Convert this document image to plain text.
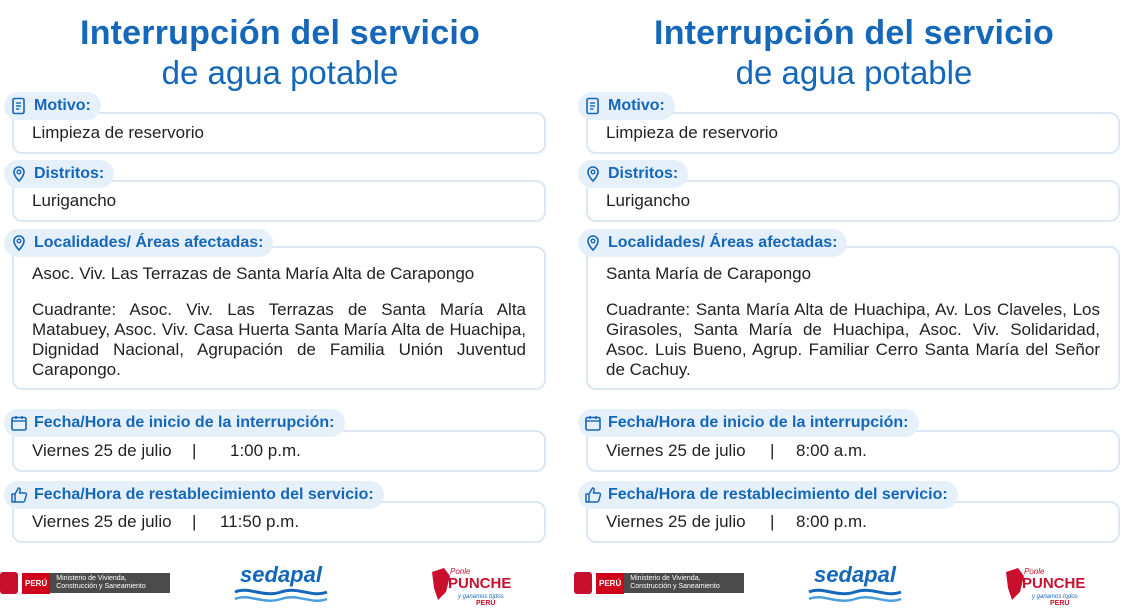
Interrupción del servicio
de agua potable
Motivo:
Limpieza de reservorio
Distritos:
Lurigancho
Localidades/ Áreas afectadas:

Asoc. Viv. Las Terrazas de Santa María Alta de Carapongo

Cuadrante: Asoc. Viv. Las Terrazas de Santa María Alta Matabuey, Asoc. Viv. Casa Huerta Santa María Alta de Huachipa, Dignidad Nacional, Agrupación de Familia Unión Juventud Carapongo.

Fecha/Hora de inicio de la interrupción:
Viernes 25 de julio	|	1:00 p.m.
Fecha/Hora de restablecimiento del servicio:
Viernes 25 de julio	|	11:50 p.m.
PERÚ	Ministerio de Vivienda, Construcción y Saneamiento	sedapal	Ponle
PUNCHE
y ganamos todos
PERÚ
Interrupción del servicio
de agua potable
Motivo:
Limpieza de reservorio
Distritos:
Lurigancho
Localidades/ Áreas afectadas:

Santa María de Carapongo

Cuadrante: Santa María Alta de Huachipa, Av. Los Claveles, Los Girasoles, Santa María de Huachipa, Asoc. Viv. Solidaridad, Asoc. Luis Bueno, Agrup. Familiar Cerro Santa María del Señor de Cachuy.

Fecha/Hora de inicio de la interrupción:
Viernes 25 de julio	|	8:00 a.m.
Fecha/Hora de restablecimiento del servicio:
Viernes 25 de julio	|	8:00 p.m.
PERÚ	Ministerio de Vivienda, Construcción y Saneamiento	sedapal	Ponle
PUNCHE
y ganamos todos
PERÚ
